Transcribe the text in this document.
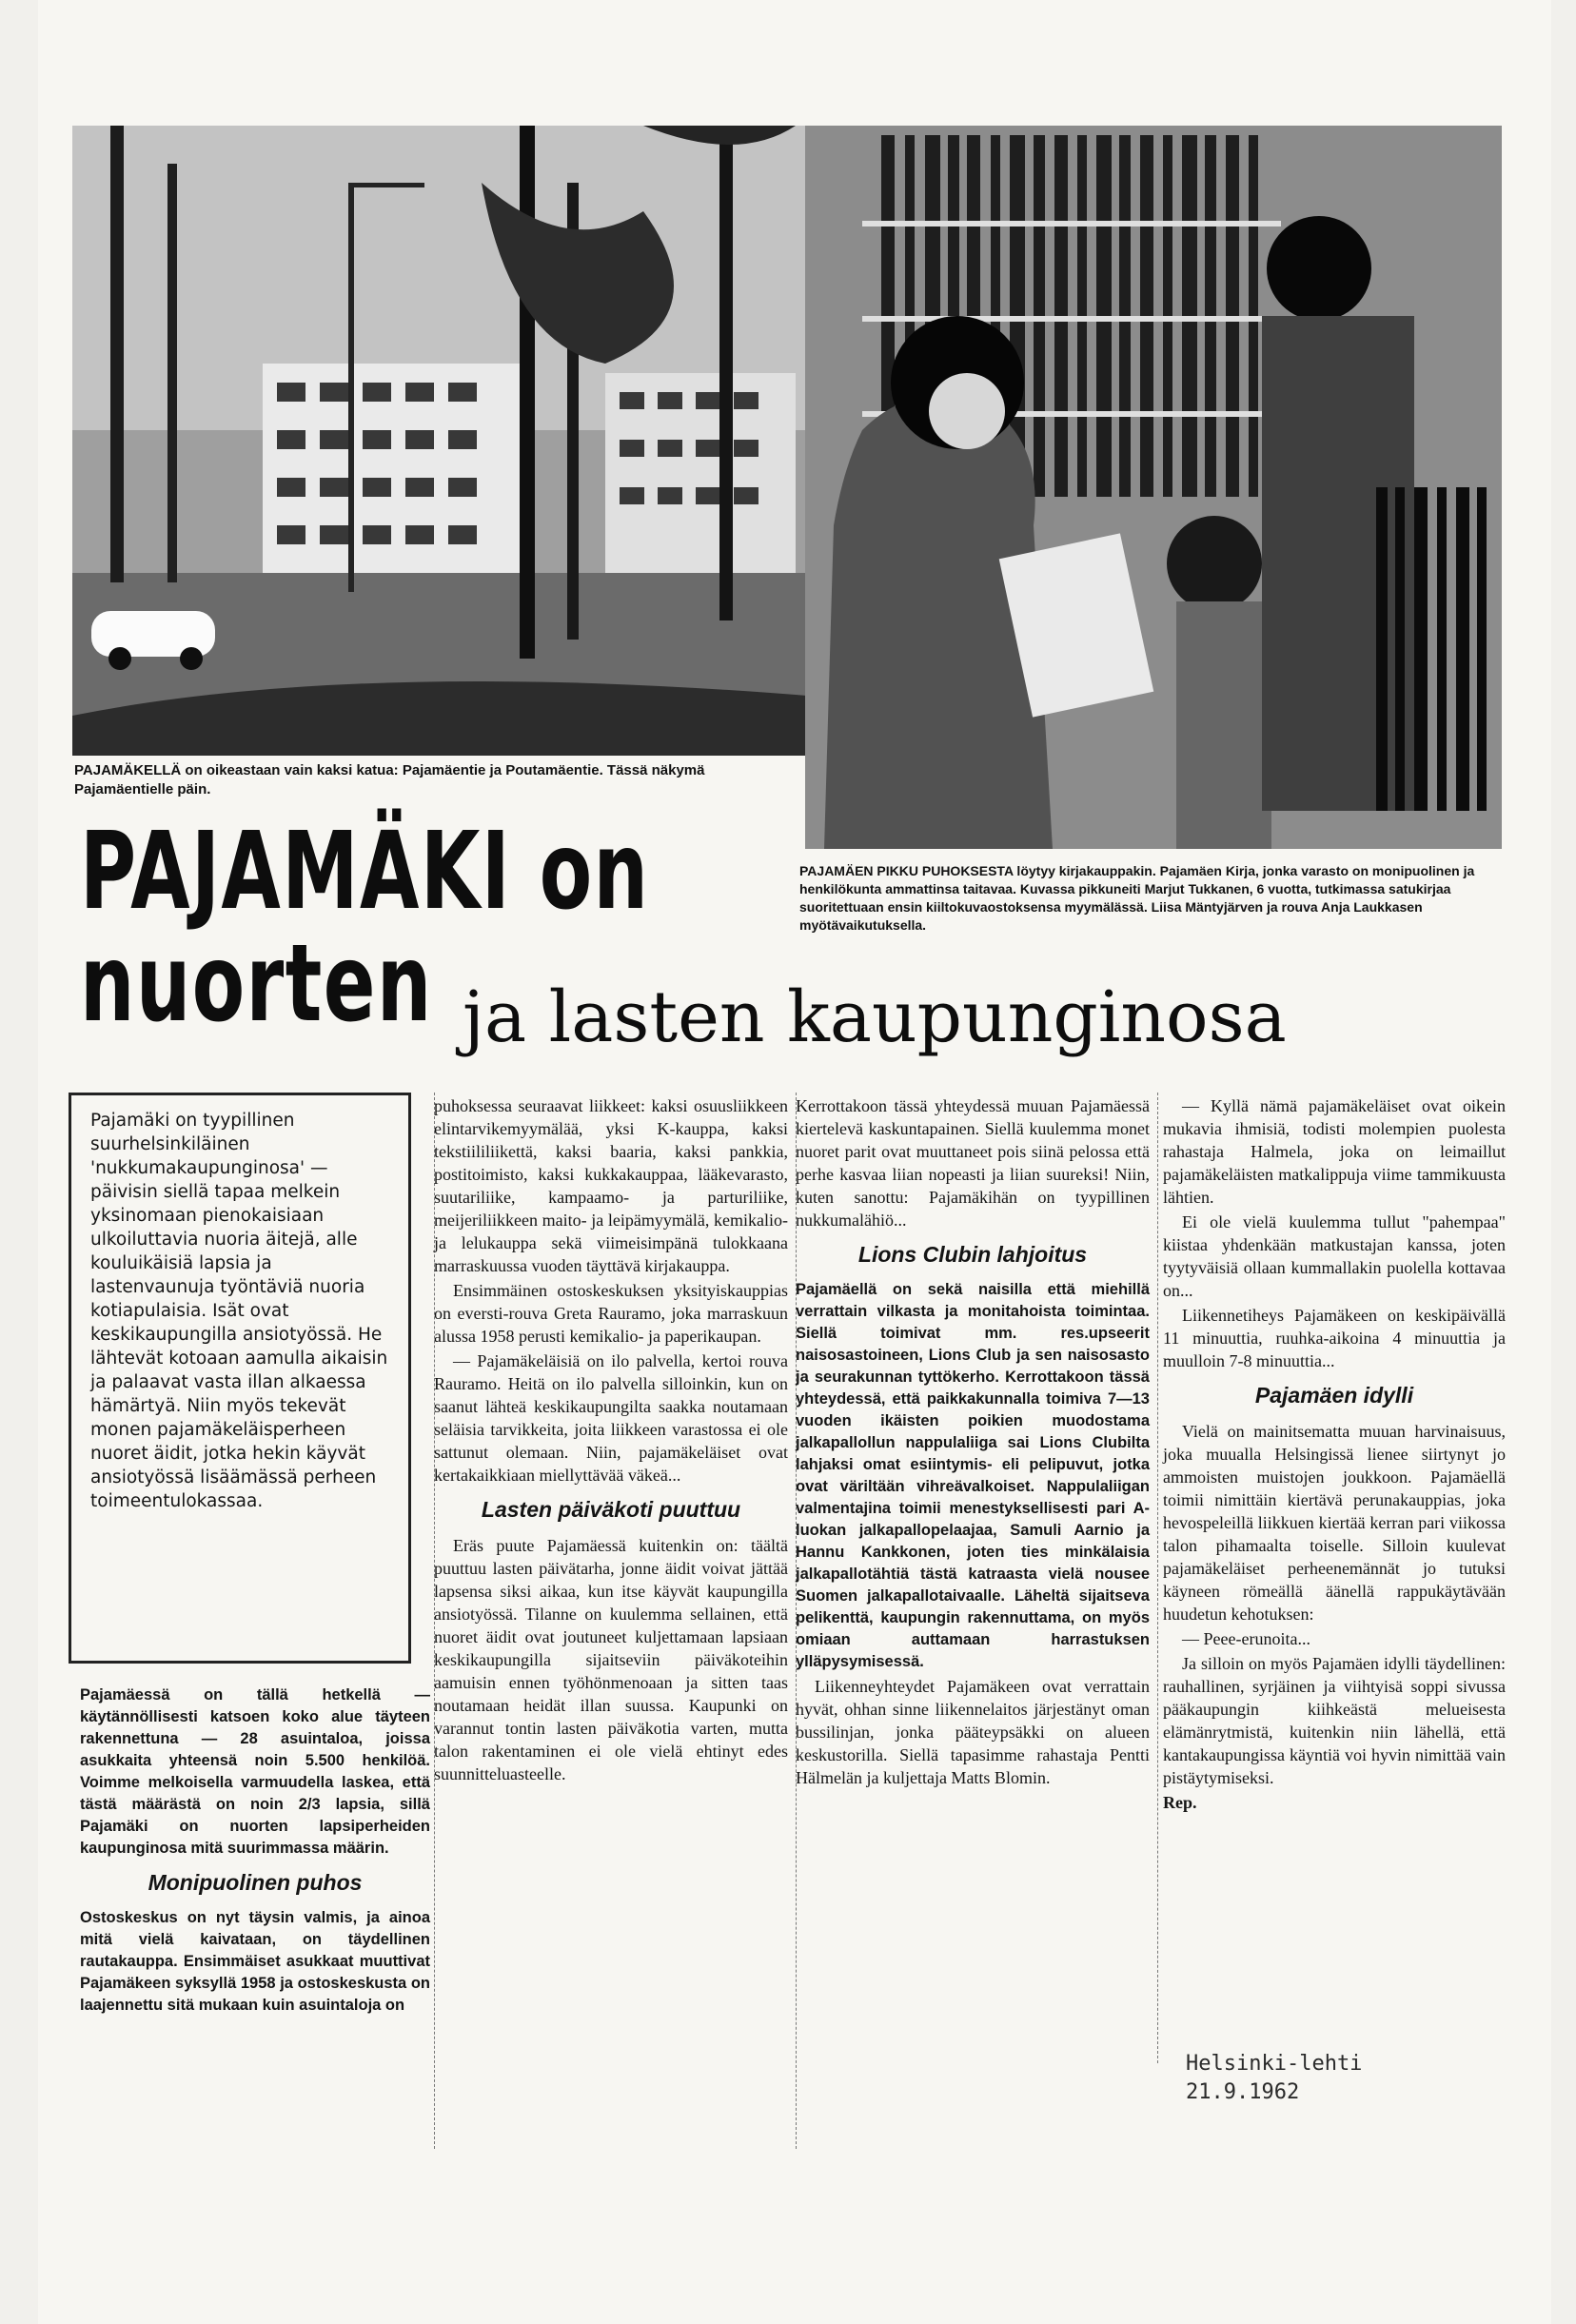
PAJAMÄKELLÄ on oikeastaan vain kaksi katua: Pajamäentie ja Poutamäentie. Tässä näkymä Pajamäentielle päin.
PAJAMÄEN PIKKU PUHOKSESTA löytyy kirjakauppakin. Pajamäen Kirja, jonka varasto on monipuolinen ja henkilökunta ammattinsa taitavaa. Kuvassa pikkuneiti Marjut Tukkanen, 6 vuotta, tutkimassa satukirjaa suoritettuaan ensin kiiltokuvaostoksensa myymälässä. Liisa Mäntyjärven ja rouva Anja Laukkasen myötävaikutuksella.
PAJAMÄKI on
nuorten ja lasten kaupunginosa
Pajamäki on tyypillinen suurhelsinkiläinen 'nukkumakaupunginosa' — päivisin siellä tapaa melkein yksinomaan pienokaisiaan ulkoiluttavia nuoria äitejä, alle kouluikäisiä lapsia ja lastenvaunuja työntäviä nuoria kotiapulaisia. Isät ovat keskikaupungilla ansiotyössä. He lähtevät kotoaan aamulla aikaisin ja palaavat vasta illan alkaessa hämärtyä. Niin myös tekevät monen pajamäkeläisperheen nuoret äidit, jotka hekin käyvät ansiotyössä lisäämässä perheen toimeentulokassaa.

Pajamäessä on tällä hetkellä — käytännöllisesti katsoen koko alue täyteen rakennettuna — 28 asuintaloa, joissa asukkaita yhteensä noin 5.500 henkilöä. Voimme melkoisella varmuudella laskea, että tästä määrästä on noin 2/3 lapsia, sillä Pajamäki on nuorten lapsiperheiden kaupunginosa mitä suurimmassa määrin.

Monipuolinen puhos

Ostoskeskus on nyt täysin valmis, ja ainoa mitä vielä kaivataan, on täydellinen rautakauppa. Ensimmäiset asukkaat muuttivat Pajamäkeen syksyllä 1958 ja ostoskeskusta on laajennettu sitä mukaan kuin asuintaloja on

puhoksessa seuraavat liikkeet: kaksi osuusliikkeen elintarvikemyymälää, yksi K-kauppa, kaksi tekstiililiikettä, kaksi baaria, kaksi pankkia, postitoimisto, kaksi kukkakauppaa, lääkevarasto, suutariliike, kampaamo- ja parturiliike, meijeriliikkeen maito- ja leipämyymälä, kemikalio- ja lelukauppa sekä viimeisimpänä tulokkaana marraskuussa vuoden täyttävä kirjakauppa.

Ensimmäinen ostoskeskuksen yksityiskauppias on eversti-rouva Greta Rauramo, joka marraskuun alussa 1958 perusti kemikalio- ja paperikaupan.

— Pajamäkeläisiä on ilo palvella, kertoi rouva Rauramo. Heitä on ilo palvella silloinkin, kun on saanut lähteä keskikaupungilta saakka noutamaan seläisia tarvikkeita, joita liikkeen varastossa ei ole sattunut olemaan. Niin, pajamäkeläiset ovat kertakaikkiaan miellyttävää väkeä...

Lasten päiväkoti puuttuu

Eräs puute Pajamäessä kuitenkin on: täältä puuttuu lasten päivätarha, jonne äidit voivat jättää lapsensa siksi aikaa, kun itse käyvät kaupungilla ansiotyössä. Tilanne on kuulemma sellainen, että nuoret äidit ovat joutuneet kuljettamaan lapsiaan keskikaupungilla sijaitseviin päiväkoteihin aamuisin ennen työhönmenoaan ja sitten taas noutamaan heidät illan suussa. Kaupunki on varannut tontin lasten päiväkotia varten, mutta talon rakentaminen ei ole vielä ehtinyt edes suunnitteluasteelle.

Kerrottakoon tässä yhteydessä muuan Pajamäessä kiertelevä kaskuntapainen. Siellä kuulemma monet nuoret parit ovat muuttaneet pois siinä pelossa että perhe kasvaa liian nopeasti ja liian suureksi! Niin, kuten sanottu: Pajamäkihän on tyypillinen nukkumalähiö...

Lions Clubin lahjoitus

Pajamäellä on sekä naisilla että miehillä verrattain vilkasta ja monitahoista toimintaa. Siellä toimivat mm. res.upseerit naisosastoineen, Lions Club ja sen naisosasto ja seurakunnan tyttökerho. Kerrottakoon tässä yhteydessä, että paikkakunnalla toimiva 7—13 vuoden ikäisten poikien muodostama jalkapallollun nappulaliiga sai Lions Clubilta lahjaksi omat esiintymis- eli pelipuvut, jotka ovat väriltään vihreävalkoiset. Nappulaliigan valmentajina toimii menestyksellisesti pari A-luokan jalkapallopelaajaa, Samuli Aarnio ja Hannu Kankkonen, joten ties minkälaisia jalkapallotähtiä tästä katraasta vielä nousee Suomen jalkapallotaivaalle. Läheltä sijaitseva pelikenttä, kaupungin rakennuttama, on myös omiaan auttamaan harrastuksen ylläpysymisessä.

Liikenneyhteydet Pajamäkeen ovat verrattain hyvät, ohhan sinne liikennelaitos järjestänyt oman bussilinjan, jonka pääteypsäkki on alueen keskustorilla. Siellä tapasimme rahastaja Pentti Hälmelän ja kuljettaja Matts Blomin.

— Kyllä nämä pajamäkeläiset ovat oikein mukavia ihmisiä, todisti molempien puolesta rahastaja Halmela, joka on leimaillut pajamäkeläisten matkalippuja viime tammikuusta lähtien.

Ei ole vielä kuulemma tullut "pahempaa" kiistaa yhdenkään matkustajan kanssa, joten tyytyväisiä ollaan kummallakin puolella kottavaa on...

Liikennetiheys Pajamäkeen on keskipäivällä 11 minuuttia, ruuhka-aikoina 4 minuuttia ja muulloin 7-8 minuuttia...

Pajamäen idylli

Vielä on mainitsematta muuan harvinaisuus, joka muualla Helsingissä lienee siirtynyt jo ammoisten muistojen joukkoon. Pajamäellä toimii nimittäin kiertävä perunakauppias, joka hevospeleillä liikkuen kiertää kerran pari viikossa talon pihamaalta toiselle. Silloin kuulevat pajamäkeläiset perheenemännät jo tutuksi käyneen römeällä äänellä rappukäytävään huudetun kehotuksen:

— Peee-erunoita...

Ja silloin on myös Pajamäen idylli täydellinen: rauhallinen, syrjäinen ja viihtyisä soppi sivussa pääkaupungin kiihkeästä melueisesta elämänrytmistä, kuitenkin niin lähellä, että kantakaupungissa käyntiä voi hyvin nimittää vain pistäytymiseksi.

Rep.

Helsinki-lehti
21.9.1962
